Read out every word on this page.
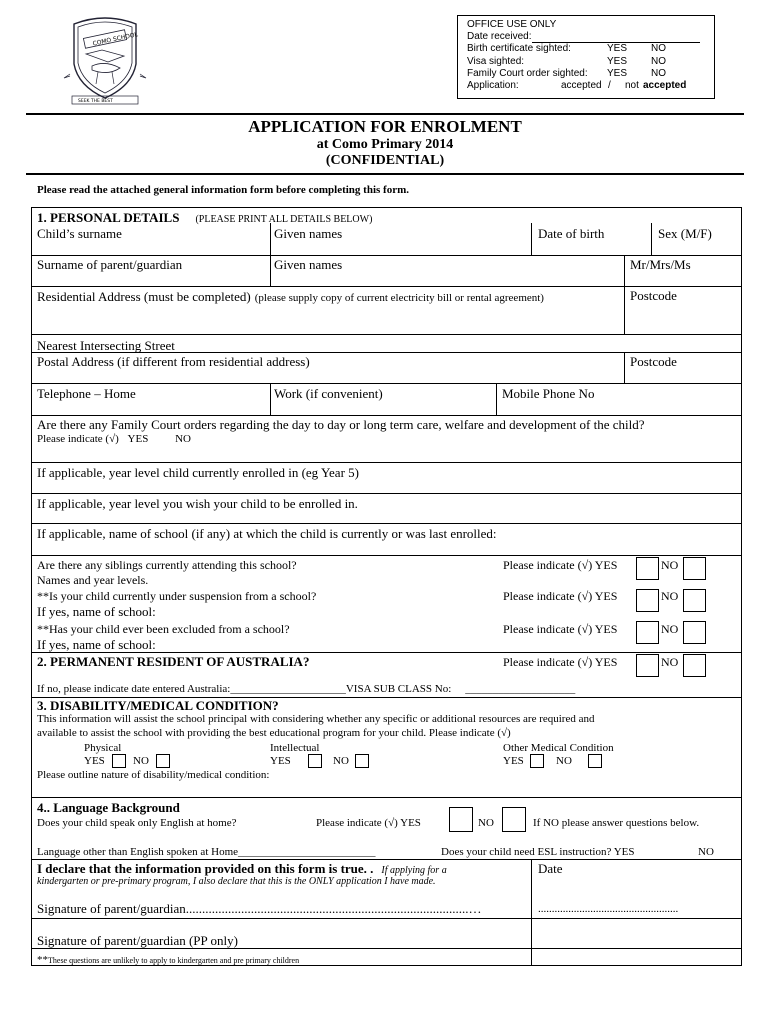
COMO SCHOOL
SEEK THE BEST
OFFICE USE ONLY
Date received:
Birth certificate sighted:	YES NO
Visa sighted:	YES NO
Family Court order sighted: YES NO
Application:	accepted / not accepted
APPLICATION FOR ENROLMENT
at Como Primary 2014
(CONFIDENTIAL)
Please read the attached general information form before completing this form.
1. PERSONAL DETAILS (PLEASE PRINT ALL DETAILS BELOW)
Child’s surname	Given names	Date of birth	Sex (M/F)
Surname of parent/guardian	Given names	Mr/Mrs/Ms
Residential Address (must be completed) (please supply copy of current electricity bill or rental agreement)	Postcode
Nearest Intersecting Street
Postal Address (if different from residential address)	Postcode
Telephone – Home	Work (if convenient)	Mobile Phone No
Are there any Family Court orders regarding the day to day or long term care, welfare and development of the child?
Please indicate (√) YES NO
If applicable, year level child currently enrolled in (eg Year 5)
If applicable, year level you wish your child to be enrolled in.
If applicable, name of school (if any) at which the child is currently or was last enrolled:
Are there any siblings currently attending this school?
Names and year levels.
Please indicate (√) YES	NO
**Is your child currently under suspension from a school?
If yes, name of school:
Please indicate (√) YES	NO
**Has your child ever been excluded from a school?
If yes, name of school:
Please indicate (√) YES	NO
2. PERMANENT RESIDENT OF AUSTRALIA?	Please indicate (√) YES	NO
If no, please indicate date entered Australia:_____________________VISA SUB CLASS No: ____________________
3. DISABILITY/MEDICAL CONDITION?
This information will assist the school principal with considering whether any specific or additional resources are required and
available to assist the school with providing the best educational program for your child. Please indicate (√)
Physical	Intellectual	Other Medical Condition
YES	NO	YES	NO	YES	NO
Please outline nature of disability/medical condition:
4.. Language Background
Does your child speak only English at home?	Please indicate (√) YES	NO	If NO please answer questions below.
Language other than English spoken at Home_________________________	Does your child need ESL instruction? YES	NO
I declare that the information provided on this form is true. . If applying for a
kindergarten or pre-primary program, I also declare that this is the ONLY application I have made.
Date
Signature of parent/guardian.......................................................................................…	...................................................
Signature of parent/guardian (PP only)
**These questions are unlikely to apply to kindergarten and pre primary children
